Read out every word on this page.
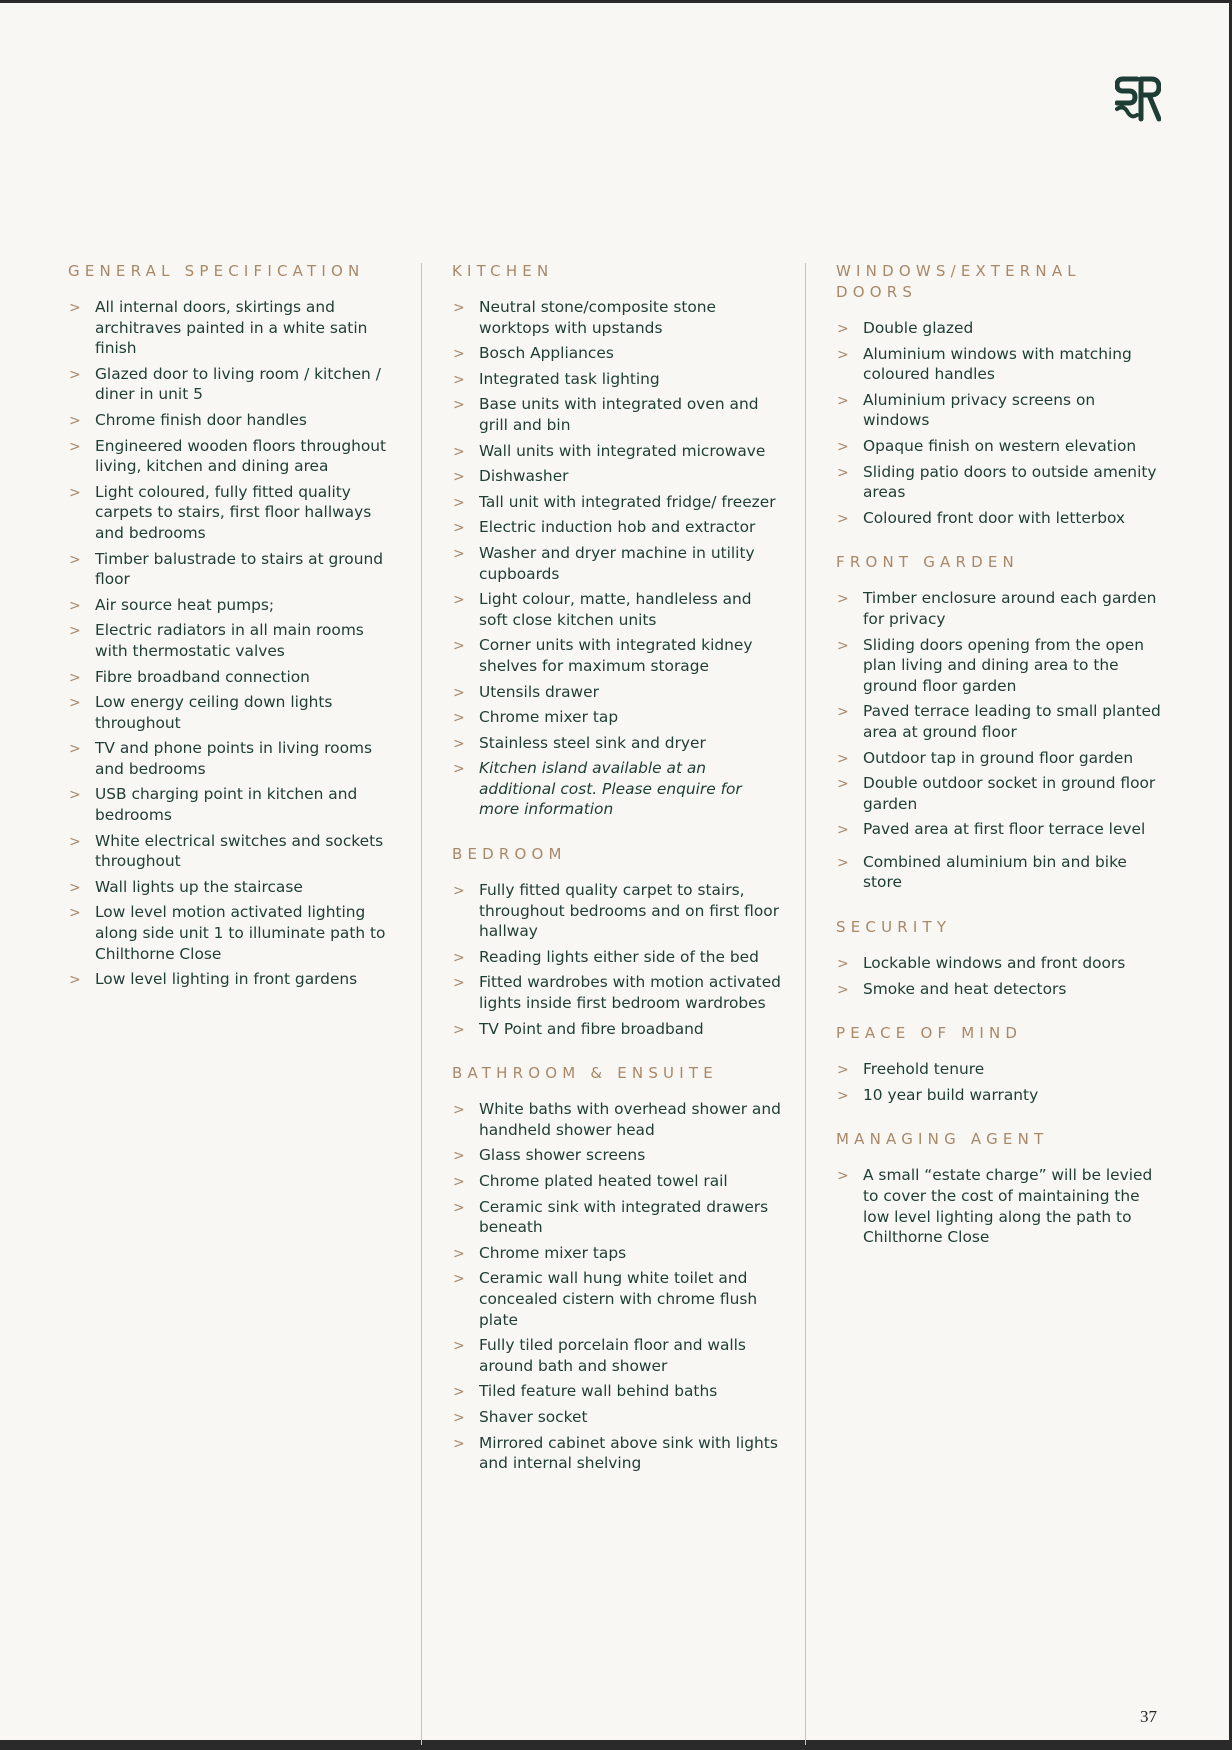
GENERAL SPECIFICATION
> All internal doors, skirtings and architraves painted in a white satin finish
> Glazed door to living room / kitchen / diner in unit 5
> Chrome finish door handles
> Engineered wooden floors throughout living, kitchen and dining area
> Light coloured, fully fitted quality carpets to stairs, first floor hallways and bedrooms
> Timber balustrade to stairs at ground floor
> Air source heat pumps;
> Electric radiators in all main rooms with thermostatic valves
> Fibre broadband connection
> Low energy ceiling down lights throughout
> TV and phone points in living rooms and bedrooms
> USB charging point in kitchen and bedrooms
> White electrical switches and sockets throughout
> Wall lights up the staircase
> Low level motion activated lighting along side unit 1 to illuminate path to Chilthorne Close
> Low level lighting in front gardens
KITCHEN
> Neutral stone/composite stone worktops with upstands
> Bosch Appliances
> Integrated task lighting
> Base units with integrated oven and grill and bin
> Wall units with integrated microwave
> Dishwasher
> Tall unit with integrated fridge/ freezer
> Electric induction hob and extractor
> Washer and dryer machine in utility cupboards
> Light colour, matte, handleless and soft close kitchen units
> Corner units with integrated kidney shelves for maximum storage
> Utensils drawer
> Chrome mixer tap
> Stainless steel sink and dryer
> Kitchen island available at an additional cost. Please enquire for more information
BEDROOM
> Fully fitted quality carpet to stairs, throughout bedrooms and on first floor hallway
> Reading lights either side of the bed
> Fitted wardrobes with motion activated lights inside first bedroom wardrobes
> TV Point and fibre broadband
BATHROOM & ENSUITE
> White baths with overhead shower and handheld shower head
> Glass shower screens
> Chrome plated heated towel rail
> Ceramic sink with integrated drawers beneath
> Chrome mixer taps
> Ceramic wall hung white toilet and concealed cistern with chrome flush plate
> Fully tiled porcelain floor and walls around bath and shower
> Tiled feature wall behind baths
> Shaver socket
> Mirrored cabinet above sink with lights and internal shelving
WINDOWS/EXTERNAL DOORS
> Double glazed
> Aluminium windows with matching coloured handles
> Aluminium privacy screens on windows
> Opaque finish on western elevation
> Sliding patio doors to outside amenity areas
> Coloured front door with letterbox
FRONT GARDEN
> Timber enclosure around each garden for privacy
> Sliding doors opening from the open plan living and dining area to the ground floor garden
> Paved terrace leading to small planted area at ground floor
> Outdoor tap in ground floor garden
> Double outdoor socket in ground floor garden
> Paved area at first floor terrace level
> Combined aluminium bin and bike store
SECURITY
> Lockable windows and front doors
> Smoke and heat detectors
PEACE OF MIND
> Freehold tenure
> 10 year build warranty
MANAGING AGENT
> A small “estate charge” will be levied to cover the cost of maintaining the low level lighting along the path to Chilthorne Close
37
